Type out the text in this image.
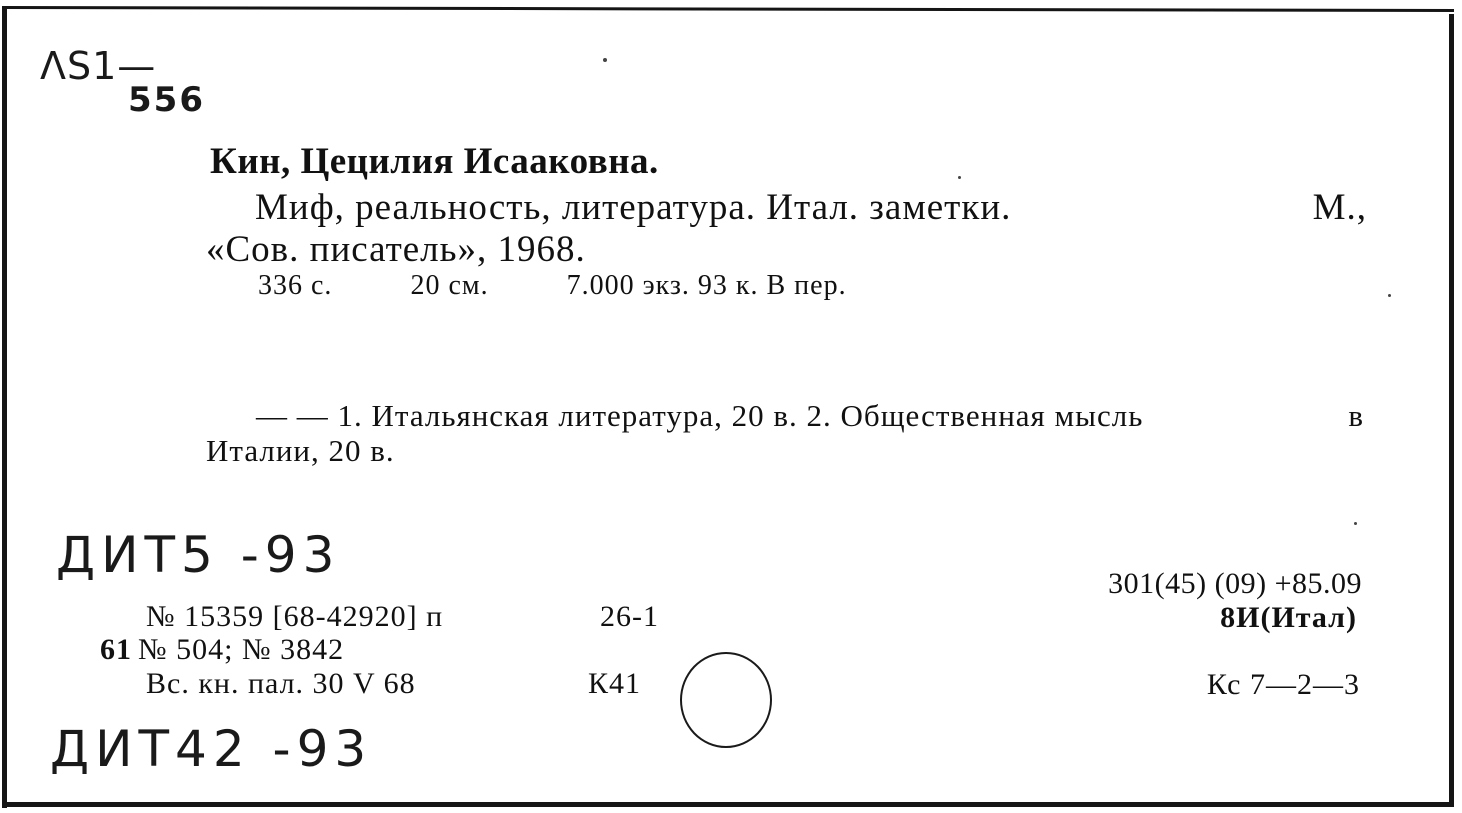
ΛS1—
556
Кин, Цецилия Исааковна.
Миф, реальность, литература. Итал. заметки.	М.,
«Сов. писатель», 1968.
336 с.	20 см.	7.000 экз. 93 к. В пер.
— — 1. Итальянская литература, 20 в. 2. Общественная мысль	в
Италии, 20 в.
ДИТ5 -93
ДИТ42 -93
№ 15359 [68-42920] п	26-1
61 № 504; № 3842
Вс. кн. пал. 30 V 68	К41
301(45) (09) +85.09
8И(Итал)
Кс 7—2—3
